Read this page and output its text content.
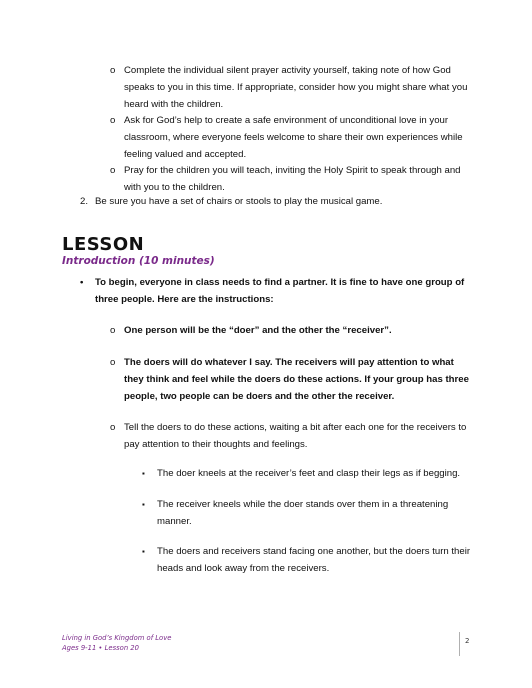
o Complete the individual silent prayer activity yourself, taking note of how God
speaks to you in this time. If appropriate, consider how you might share what you
heard with the children.
o Ask for God’s help to create a safe environment of unconditional love in your
classroom, where everyone feels welcome to share their own experiences while
feeling valued and accepted.
o Pray for the children you will teach, inviting the Holy Spirit to speak through and
with you to the children.
2. Be sure you have a set of chairs or stools to play the musical game.
LESSON
Introduction (10 minutes)
• To begin, everyone in class needs to find a partner. It is fine to have one group of
three people. Here are the instructions:
o One person will be the “doer” and the other the “receiver”.
o The doers will do whatever I say. The receivers will pay attention to what
they think and feel while the doers do these actions. If your group has three
people, two people can be doers and the other the receiver.
o Tell the doers to do these actions, waiting a bit after each one for the receivers to
pay attention to their thoughts and feelings.
▪ The doer kneels at the receiver’s feet and clasp their legs as if begging.
▪ The receiver kneels while the doer stands over them in a threatening
manner.
▪ The doers and receivers stand facing one another, but the doers turn their
heads and look away from the receivers.
Living in God’s Kingdom of Love
Ages 9-11 • Lesson 20
2
